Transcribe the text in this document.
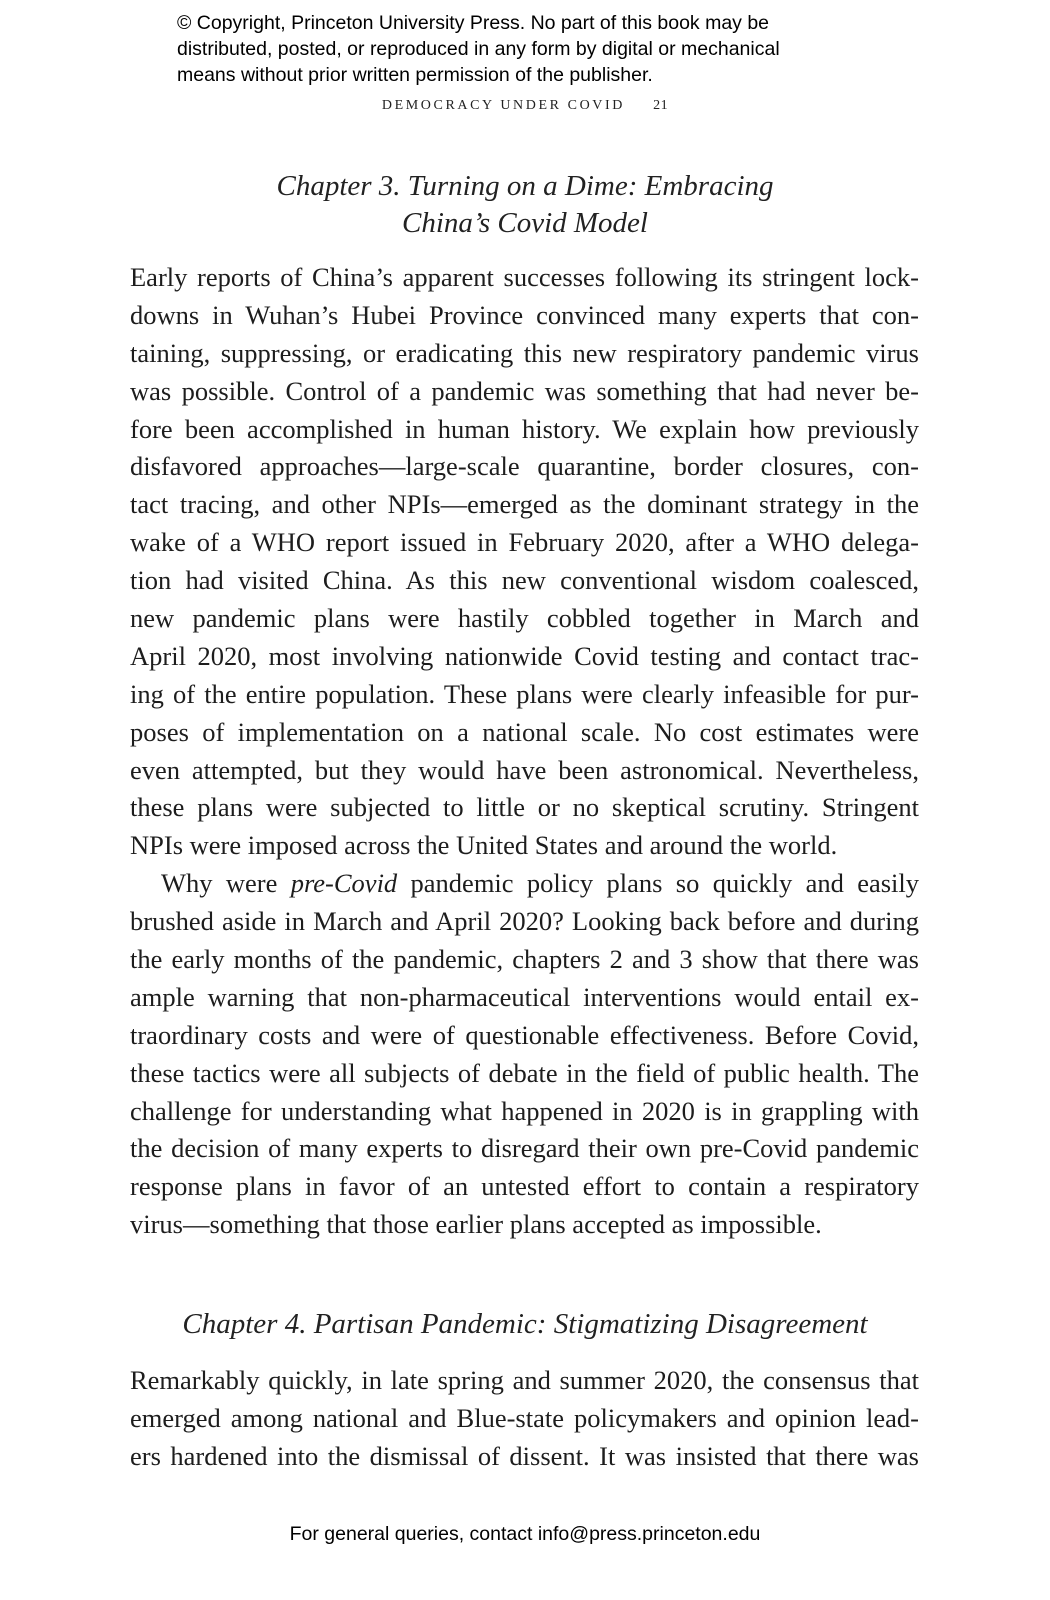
© Copyright, Princeton University Press. No part of this book may be
distributed, posted, or reproduced in any form by digital or mechanical
means without prior written permission of the publisher.
DEMOCRACY UNDER COVID 21
Chapter 3. Turning on a Dime: Embracing
China’s Covid Model
Early reports of China’s apparent successes following its stringent lock-
downs in Wuhan’s Hubei Province convinced many experts that con-
taining, suppressing, or eradicating this new respiratory pandemic virus
was possible. Control of a pandemic was something that had never be-
fore been accomplished in human history. We explain how previously
disfavored approaches—large-scale quarantine, border closures, con-
tact tracing, and other NPIs—emerged as the dominant strategy in the
wake of a WHO report issued in February 2020, after a WHO delega-
tion had visited China. As this new conventional wisdom coalesced,
new pandemic plans were hastily cobbled together in March and
April 2020, most involving nationwide Covid testing and contact trac-
ing of the entire population. These plans were clearly infeasible for pur-
poses of implementation on a national scale. No cost estimates were
even attempted, but they would have been astronomical. Nevertheless,
these plans were subjected to little or no skeptical scrutiny. Stringent
NPIs were imposed across the United States and around the world.
Why were pre-Covid pandemic policy plans so quickly and easily
brushed aside in March and April 2020? Looking back before and during
the early months of the pandemic, chapters 2 and 3 show that there was
ample warning that non-pharmaceutical interventions would entail ex-
traordinary costs and were of questionable effectiveness. Before Covid,
these tactics were all subjects of debate in the field of public health. The
challenge for understanding what happened in 2020 is in grappling with
the decision of many experts to disregard their own pre-Covid pandemic
response plans in favor of an untested effort to contain a respiratory
virus—something that those earlier plans accepted as impossible.
Chapter 4. Partisan Pandemic: Stigmatizing Disagreement
Remarkably quickly, in late spring and summer 2020, the consensus that
emerged among national and Blue-state policymakers and opinion lead-
ers hardened into the dismissal of dissent. It was insisted that there was
For general queries, contact info@press.princeton.edu
